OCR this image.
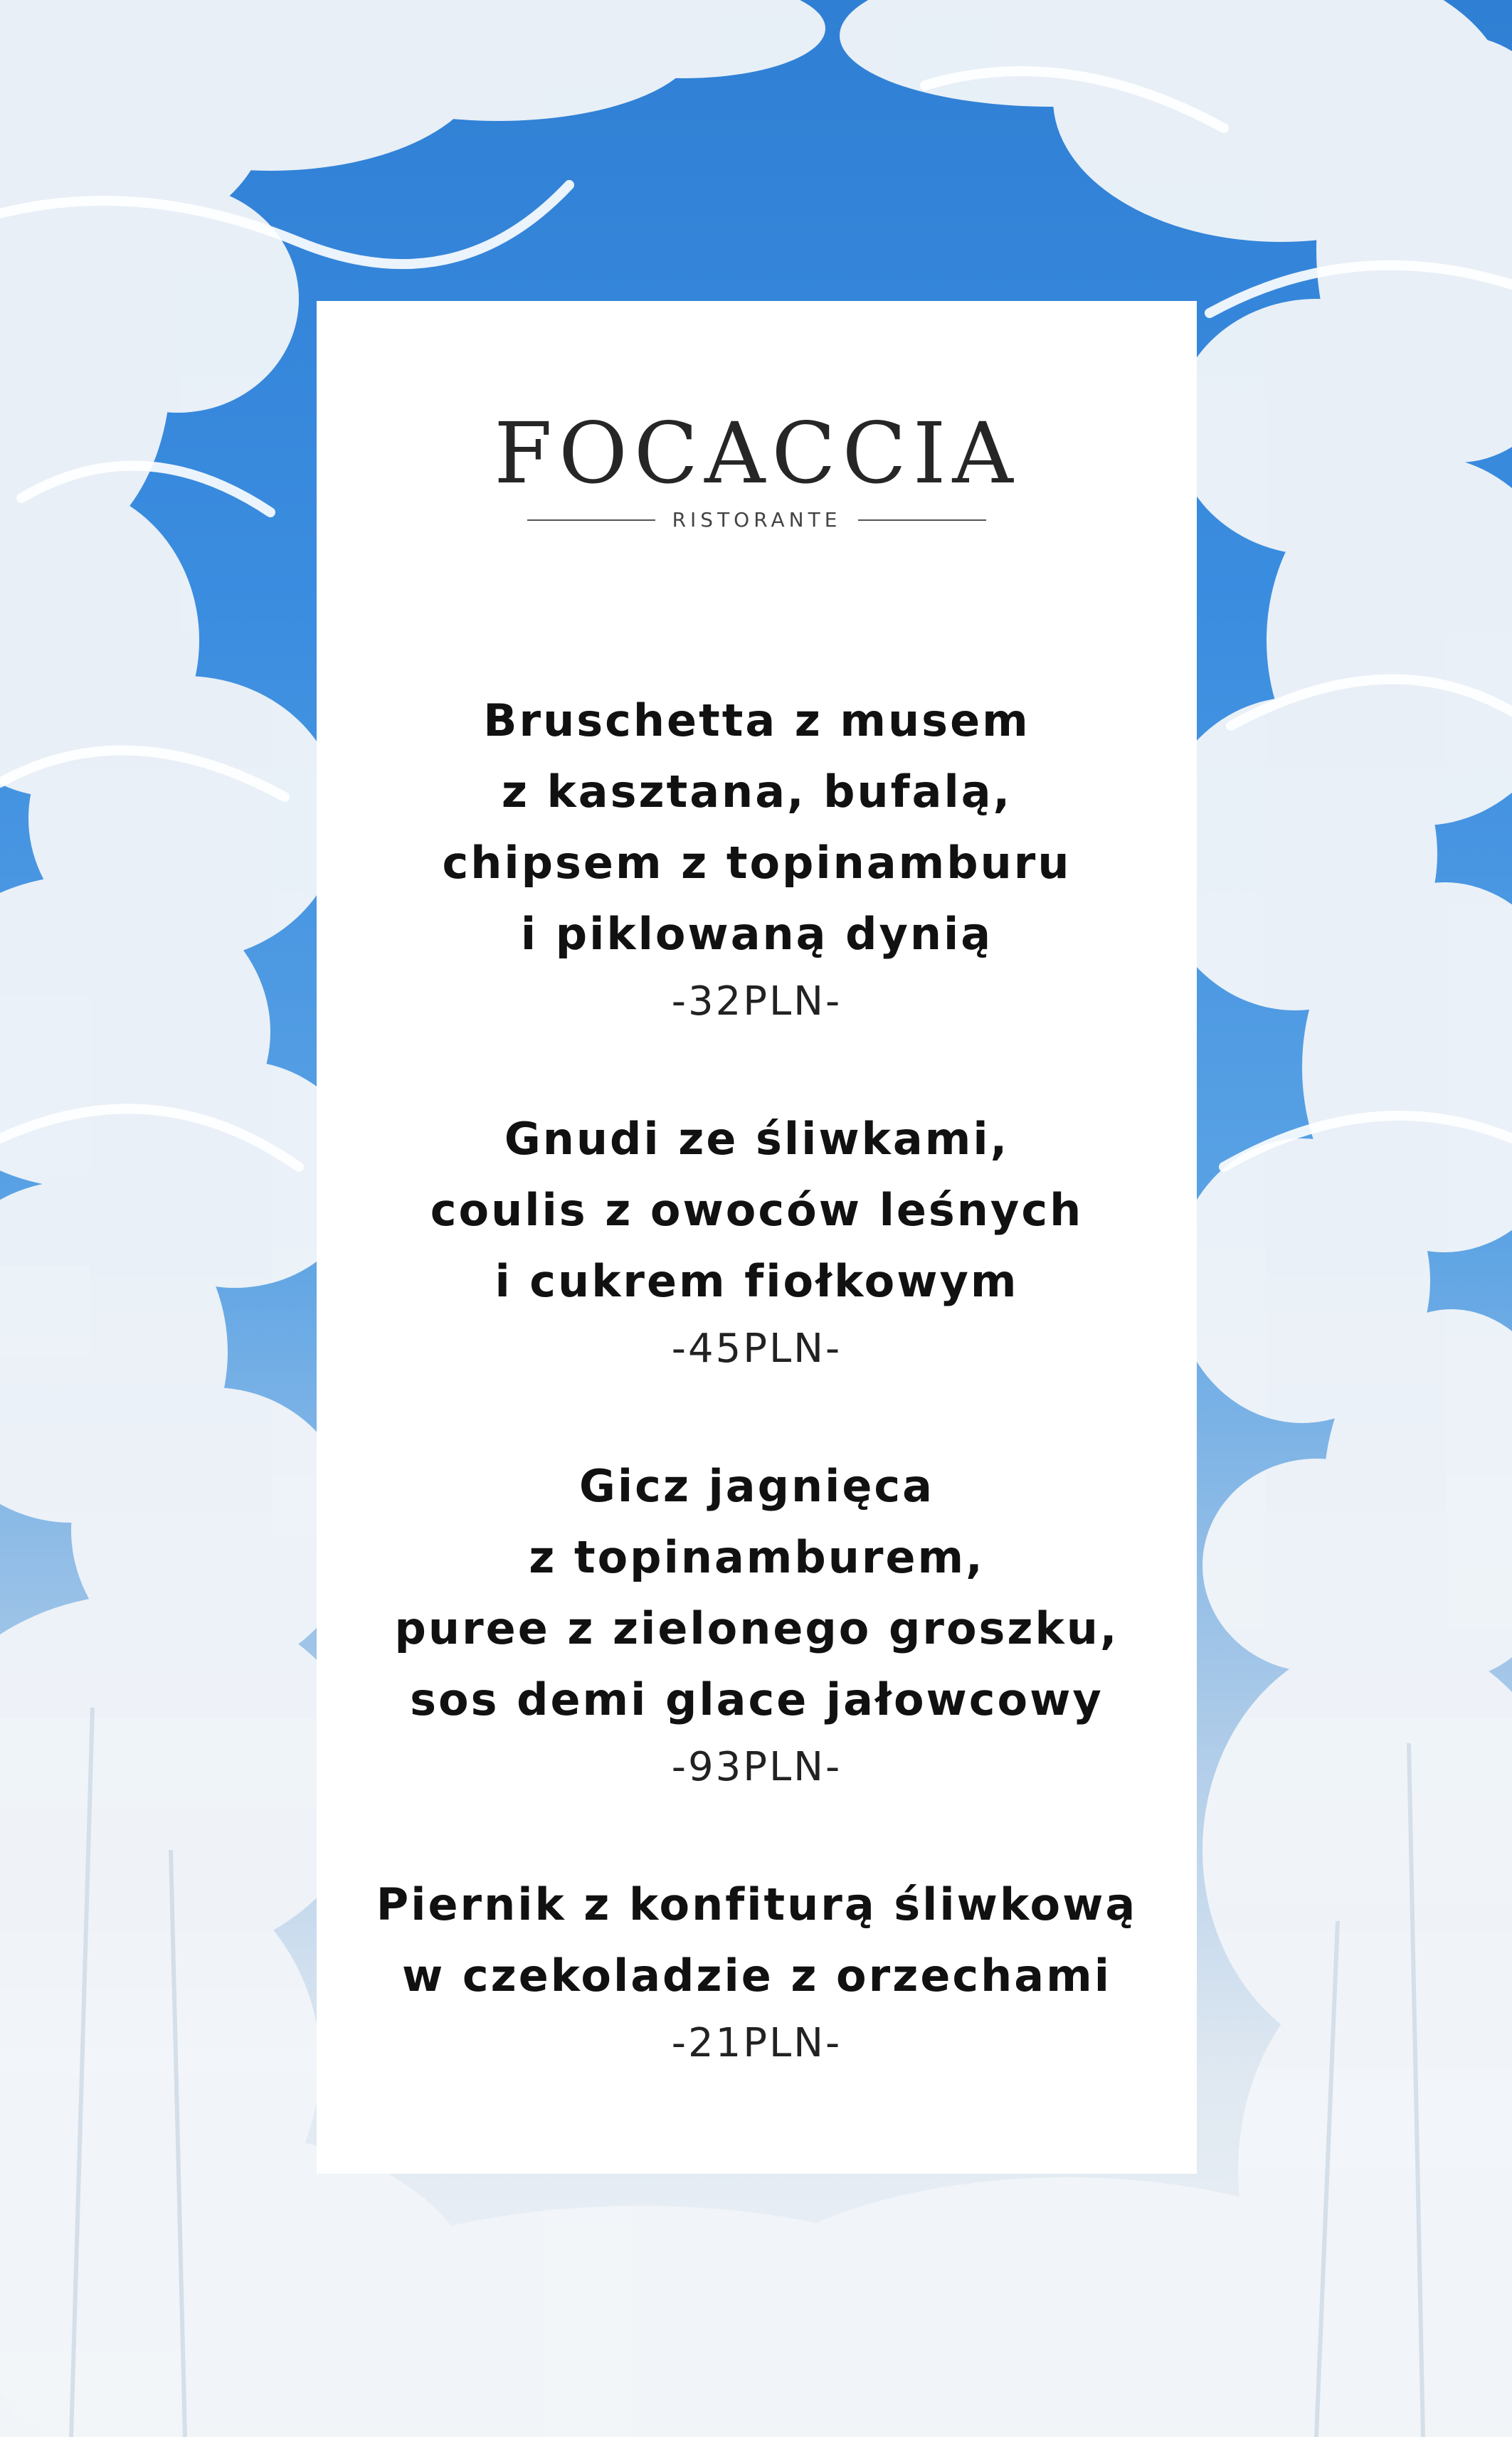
FOCACCIA
RISTORANTE
Bruschetta z musem
z kasztana, bufalą,
chipsem z topinamburu
i piklowaną dynią
-32PLN-
Gnudi ze śliwkami,
coulis z owoców leśnych
i cukrem fiołkowym
-45PLN-
Gicz jagnięca
z topinamburem,
puree z zielonego groszku,
sos demi glace jałowcowy
-93PLN-
Piernik z konfiturą śliwkową
w czekoladzie z orzechami
-21PLN-
